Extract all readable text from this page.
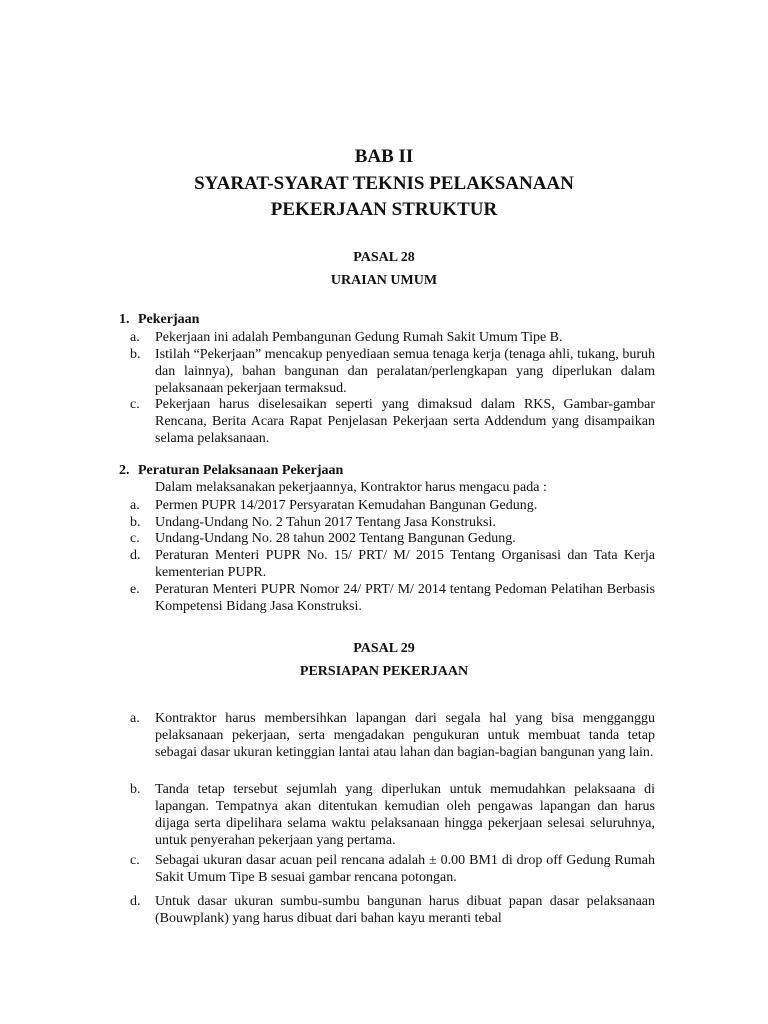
BAB II

SYARAT-SYARAT TEKNIS PELAKSANAAN

PEKERJAAN STRUKTUR

PASAL 28

URAIAN UMUM

1. Pekerjaan

a.	Pekerjaan ini adalah Pembangunan Gedung Rumah Sakit Umum Tipe B.
b.	Istilah “Pekerjaan” mencakup penyediaan semua tenaga kerja (tenaga ahli, tukang, buruh dan lainnya), bahan bangunan dan peralatan/perlengkapan yang diperlukan dalam pelaksanaan pekerjaan termaksud.
c.	Pekerjaan harus diselesaikan seperti yang dimaksud dalam RKS, Gambar-gambar Rencana, Berita Acara Rapat Penjelasan Pekerjaan serta Addendum yang disampaikan selama pelaksanaan.

2. Peraturan Pelaksanaan Pekerjaan

Dalam melaksanakan pekerjaannya, Kontraktor harus mengacu pada :

a.	Permen PUPR 14/2017 Persyaratan Kemudahan Bangunan Gedung.
b.	Undang-Undang No. 2 Tahun 2017 Tentang Jasa Konstruksi.
c.	Undang-Undang No. 28 tahun 2002 Tentang Bangunan Gedung.
d.	Peraturan Menteri PUPR No. 15/ PRT/ M/ 2015 Tentang Organisasi dan Tata Kerja kementerian PUPR.
e.	Peraturan Menteri PUPR Nomor 24/ PRT/ M/ 2014 tentang Pedoman Pelatihan Berbasis Kompetensi Bidang Jasa Konstruksi.

PASAL 29

PERSIAPAN PEKERJAAN

a.	Kontraktor harus membersihkan lapangan dari segala hal yang bisa mengganggu pelaksanaan pekerjaan, serta mengadakan pengukuran untuk membuat tanda tetap sebagai dasar ukuran ketinggian lantai atau lahan dan bagian-bagian bangunan yang lain.
b.	Tanda tetap tersebut sejumlah yang diperlukan untuk memudahkan pelaksaana di lapangan. Tempatnya akan ditentukan kemudian oleh pengawas lapangan dan harus dijaga serta dipelihara selama waktu pelaksanaan hingga pekerjaan selesai seluruhnya, untuk penyerahan pekerjaan yang pertama.
c.	Sebagai ukuran dasar acuan peil rencana adalah ± 0.00 BM1 di drop off Gedung Rumah Sakit Umum Tipe B sesuai gambar rencana potongan.
d.	Untuk dasar ukuran sumbu-sumbu bangunan harus dibuat papan dasar pelaksanaan (Bouwplank) yang harus dibuat dari bahan kayu meranti tebal
